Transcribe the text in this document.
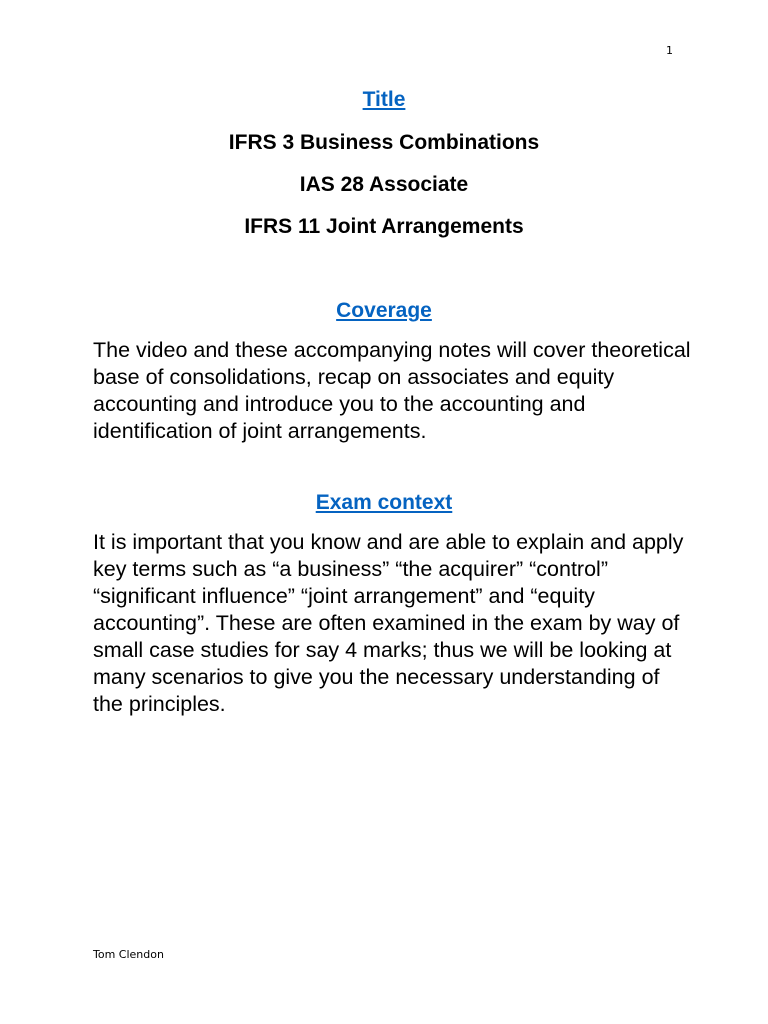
1
Title
IFRS 3 Business Combinations
IAS 28 Associate
IFRS 11 Joint Arrangements
Coverage

The video and these accompanying notes will cover theoretical base of consolidations, recap on associates and equity accounting and introduce you to the accounting and identification of joint arrangements.

Exam context

It is important that you know and are able to explain and apply key terms such as “a business” “the acquirer” “control” “significant influence” “joint arrangement” and “equity accounting”. These are often examined in the exam by way of small case studies for say 4 marks; thus we will be looking at many scenarios to give you the necessary understanding of the principles.

Tom Clendon
